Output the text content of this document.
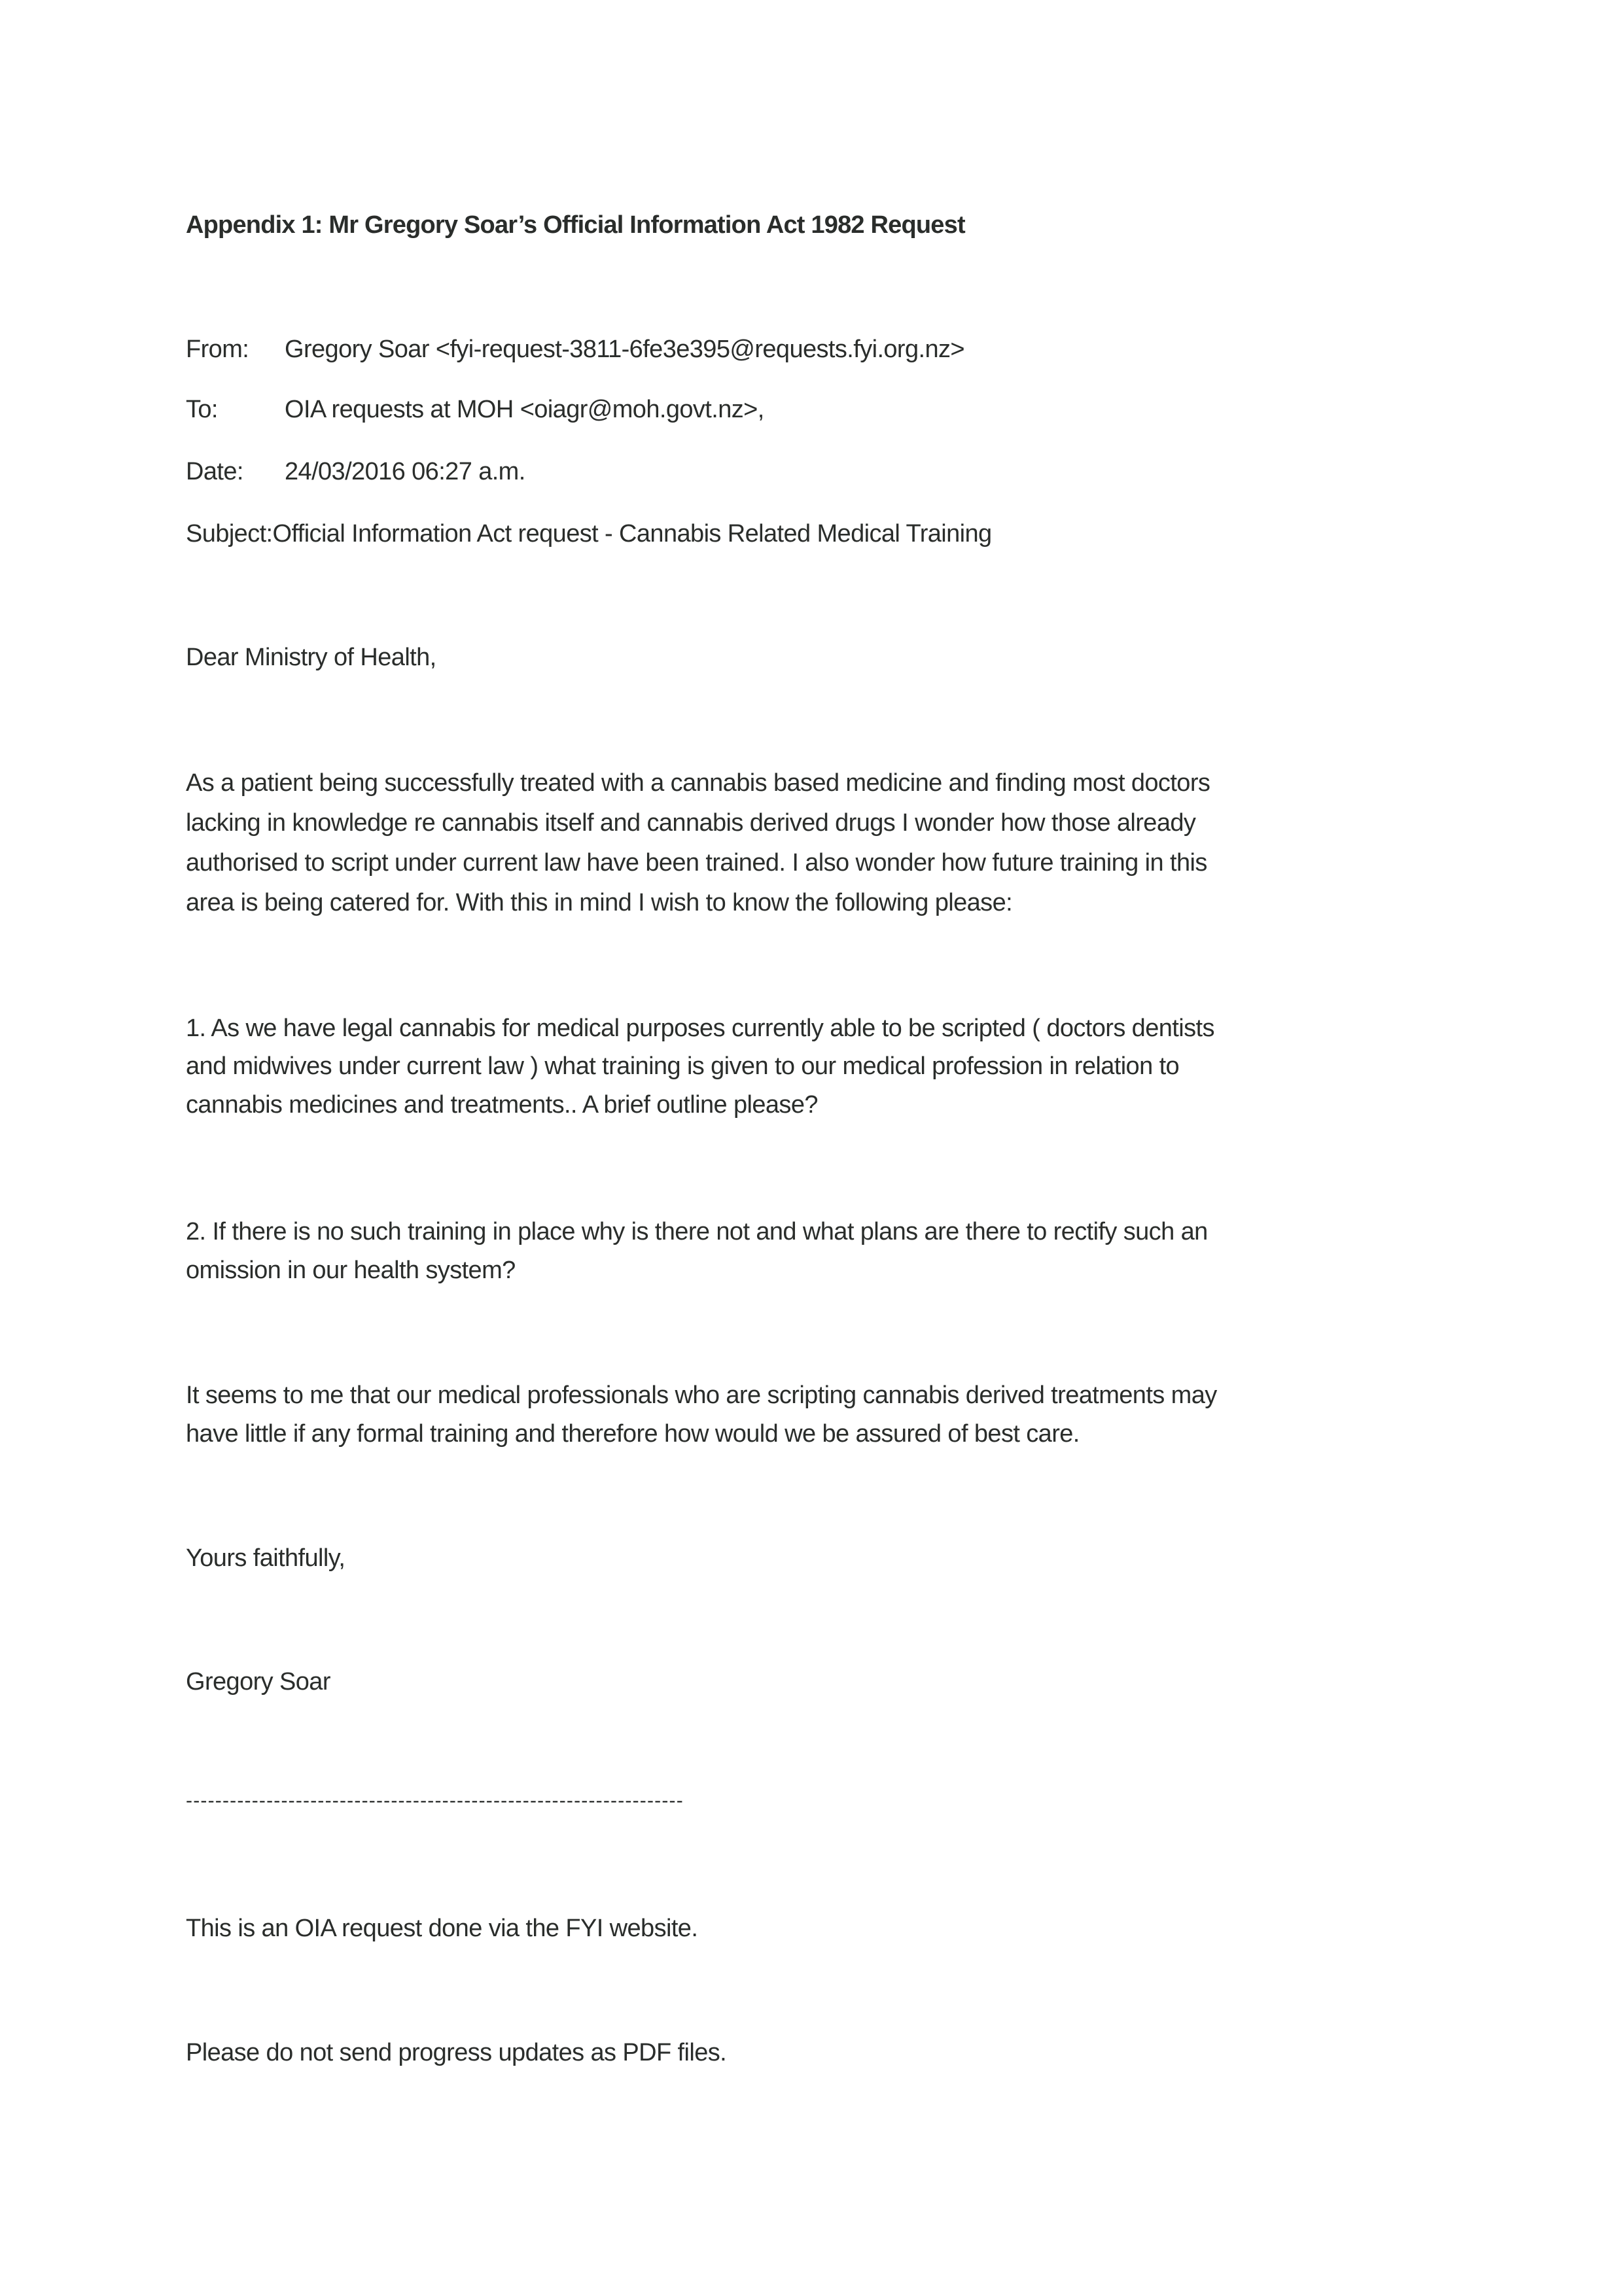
Appendix 1: Mr Gregory Soar’s Official Information Act 1982 Request
From: Gregory Soar <fyi-request-3811-6fe3e395@requests.fyi.org.nz>
To:	OIA requests at MOH <oiagr@moh.govt.nz>,
Date: 24/03/2016 06:27 a.m.
Subject:Official Information Act request - Cannabis Related Medical Training
Dear Ministry of Health,
As a patient being successfully treated with a cannabis based medicine and finding most doctors
lacking in knowledge re cannabis itself and cannabis derived drugs I wonder how those already
authorised to script under current law have been trained. I also wonder how future training in this
area is being catered for. With this in mind I wish to know the following please:
1. As we have legal cannabis for medical purposes currently able to be scripted ( doctors dentists
and midwives under current law ) what training is given to our medical profession in relation to
cannabis medicines and treatments.. A brief outline please?
2. If there is no such training in place why is there not and what plans are there to rectify such an
omission in our health system?
It seems to me that our medical professionals who are scripting cannabis derived treatments may
have little if any formal training and therefore how would we be assured of best care.
Yours faithfully,
Gregory Soar
--------------------------------------------------------------------
This is an OIA request done via the FYI website.
Please do not send progress updates as PDF files.
